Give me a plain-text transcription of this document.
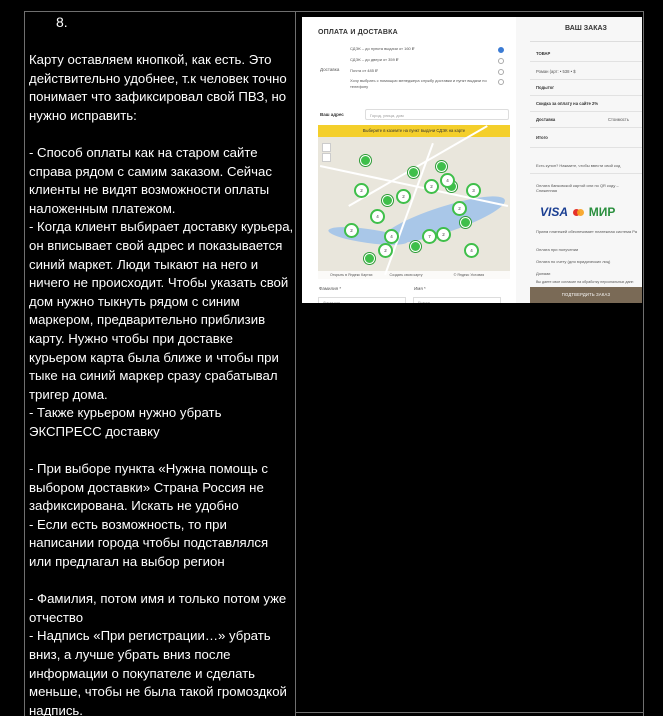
8.

Карту оставляем кнопкой, как есть. Это действительно удобнее, т.к человек точно понимает что зафиксировал свой ПВЗ, но нужно исправить:

- Способ оплаты как на старом сайте справа рядом с самим заказом. Сейчас клиенты не видят возможности оплаты наложенным платежом.

- Когда клиент выбирает доставку курьера, он вписывает свой адрес и показывается синий маркет. Люди тыкают на него и ничего не происходит. Чтобы указать свой дом нужно тыкнуть рядом с синим маркером, предварительно приблизив карту. Нужно чтобы при доставке курьером карта была ближе и чтобы при тыке на синий маркер сразу срабатывал тригер дома.

- Также курьером нужно убрать ЭКСПРЕСС доставку

- При выборе пункта «Нужна помощь с выбором доставки» Страна Россия не зафиксирована. Искать не удобно

- Если есть возможность, то при написании города чтобы подставлялся или предлагал на выбор регион

- Фамилия, потом имя и только потом уже отчество

- Надпись «При регистрации…» убрать вниз, а лучше убрать вниз после информации о покупателе и сделать меньше, чтобы не была такой громоздкой надпись.

ОПЛАТА И ДОСТАВКА
Доставка
СДЭК – до пункта выдачи от 160 ₽
СДЭК – до двери от 359 ₽
Почта от 485 ₽
Хочу выбрать с помощью менеджера службу доставки и пункт выдачи по телефону
Ваш адрес	Город, улица, дом
Выберите в каземте на пункт выдачи СДЭК на карте
2
4
3
2
4
2
2
7	2
4
2	4
2
Открыть в Яндекс Картах	Создать свою карту	© Яндекс Условия
Фамилия *	Имя *
Фамилия	Роман
ВАШ ЗАКАЗ
ТОВАР
Роман (арт: • 538 • $
Подытог
Скидка за оплату на сайте 2%
Доставка	Стоимость
Итого
Есть купон? Нажмите, чтобы ввести свой код
Оплата банковской картой или по QR коду – Сниженная
VISA МИР
Прием платежей обеспечивает платежная система Ра
Оплата при получении
Оплата по счету (для юридических лиц)
Долями
Вы даете свое согласие на обработку персональных данн
ПОДТВЕРДИТЬ ЗАКАЗ
